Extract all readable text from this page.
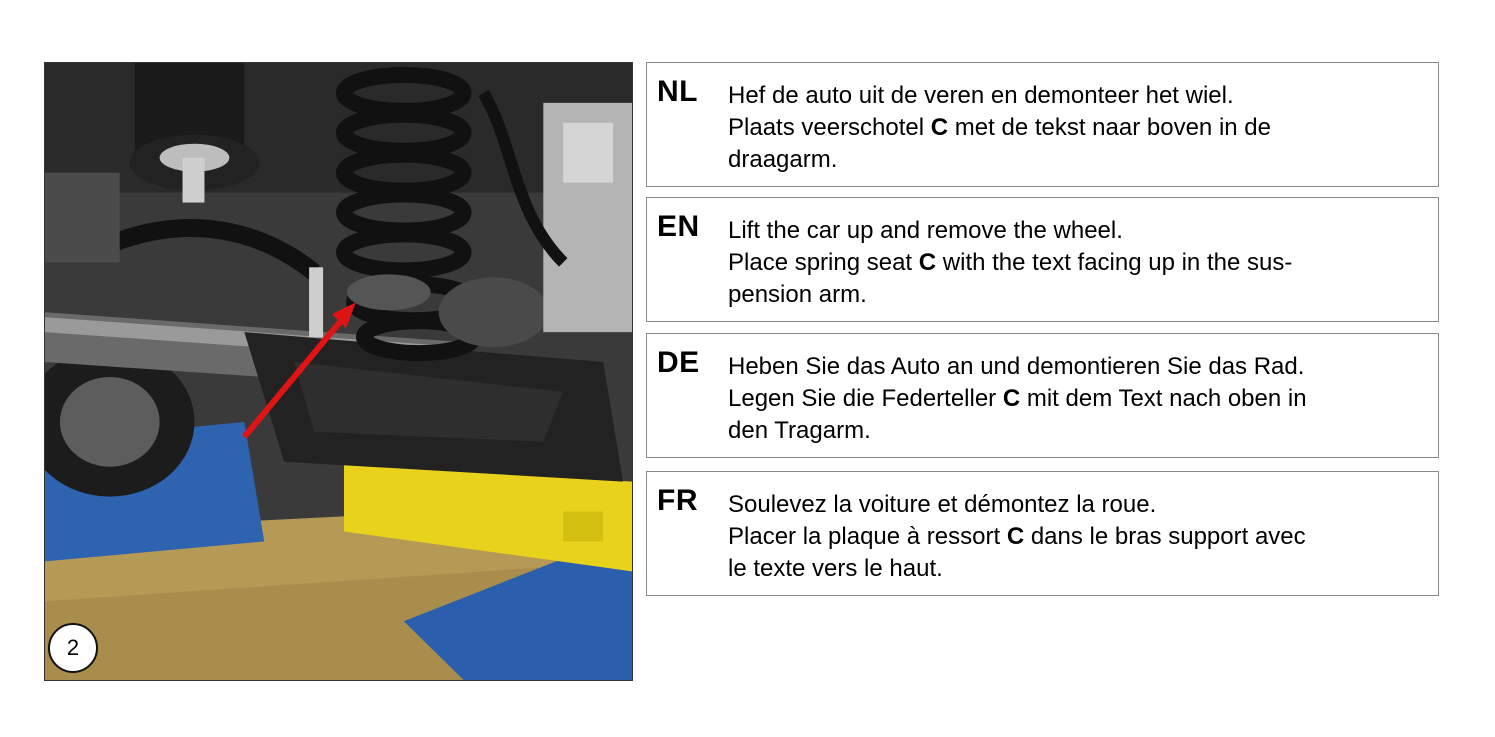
2
NL Hef de auto uit de veren en demonteer het wiel.
Plaats veerschotel C met de tekst naar boven in de
draagarm.
EN Lift the car up and remove the wheel.
Place spring seat C with the text facing up in the sus-
pension arm.
DE Heben Sie das Auto an und demontieren Sie das Rad.
Legen Sie die Federteller C mit dem Text nach oben in
den Tragarm.
FR Soulevez la voiture et démontez la roue.
Placer la plaque à ressort C dans le bras support avec
le texte vers le haut.
